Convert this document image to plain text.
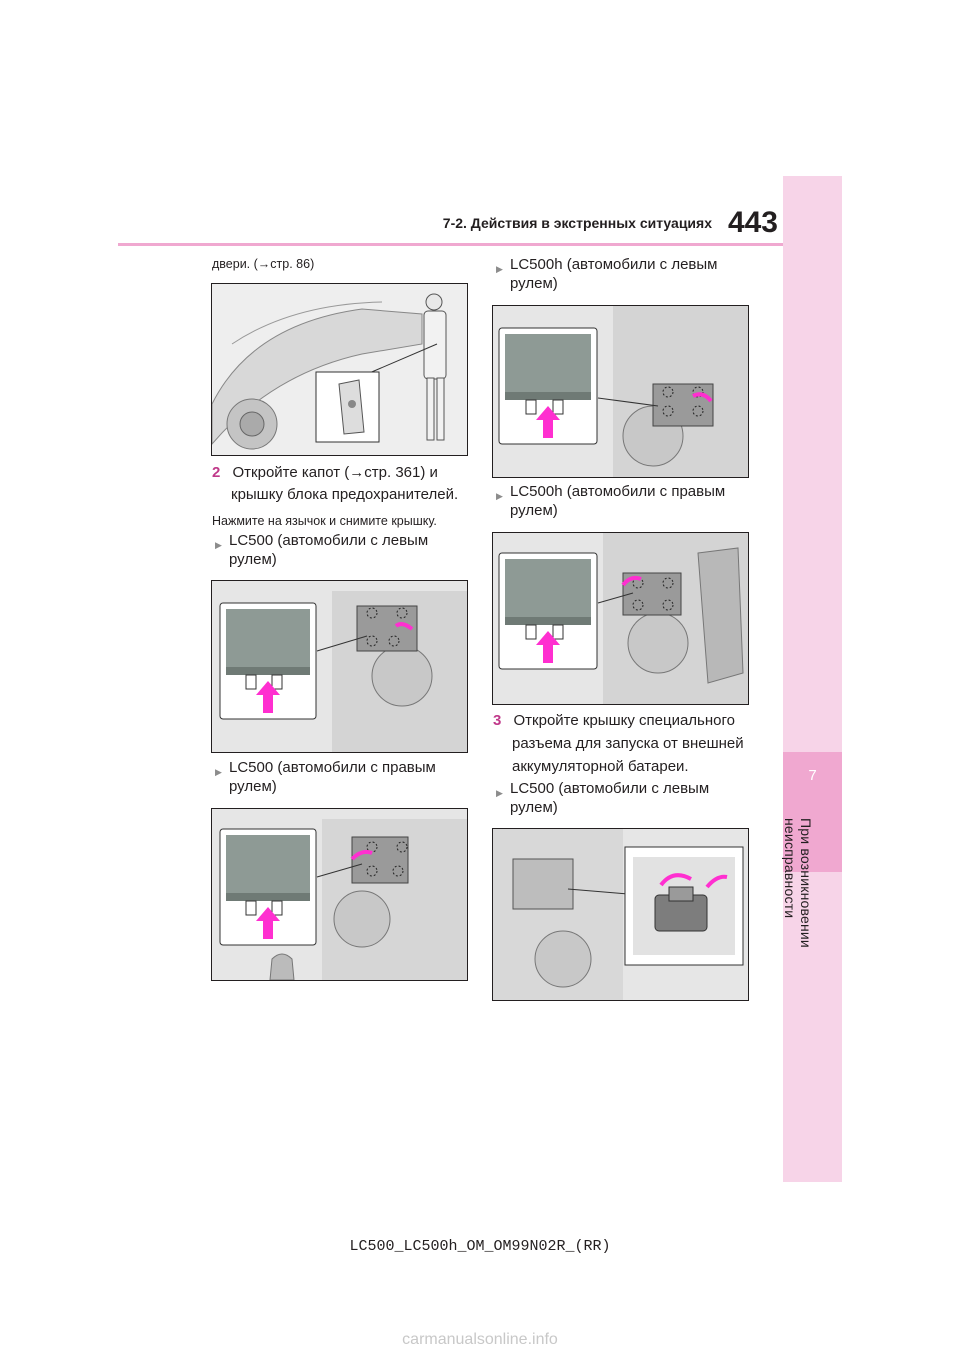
7
При возникновении неисправности
7-2. Действия в экстренных ситуациях 443
двери. (→стр. 86)
2 Откройте капот (→стр. 361) и
крышку блока предохранителей.
Нажмите на язычок и снимите крышку.
▶ LC500 (автомобили с левым
рулем)
▶ LC500 (автомобили с правым
рулем)
▶ LC500h (автомобили с левым
рулем)
▶ LC500h (автомобили с правым
рулем)
3 Откройте крышку специального
разъема для запуска от внешней
аккумуляторной батареи.
▶ LC500 (автомобили с левым
рулем)
LC500_LC500h_OM_OM99N02R_(RR)
carmanualsonline.info
